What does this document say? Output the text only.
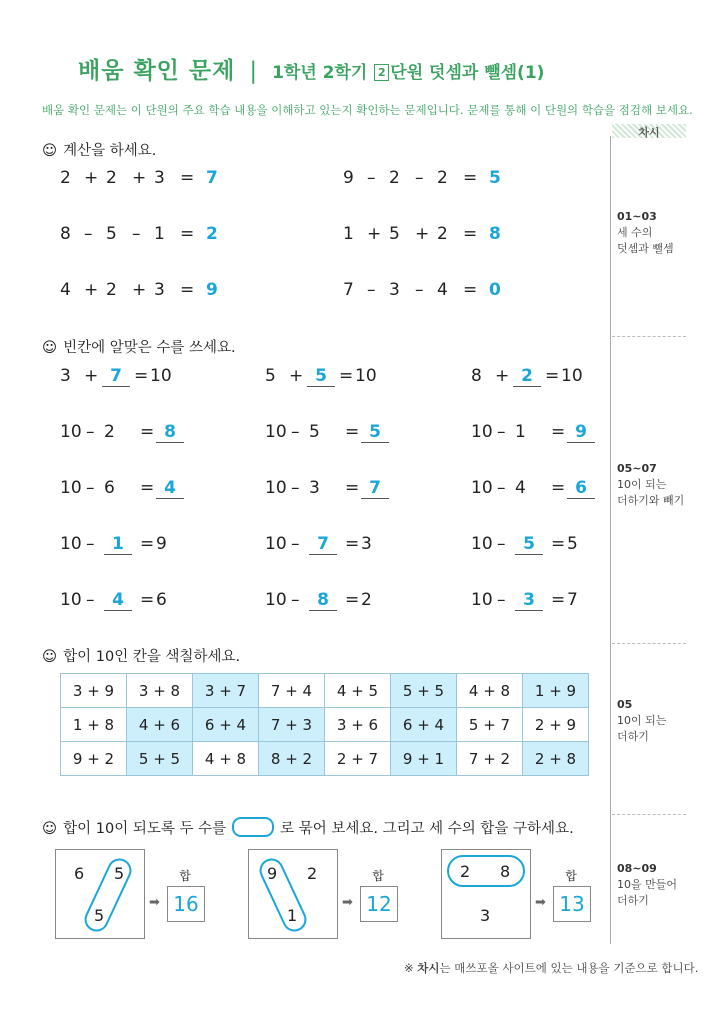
배움 확인 문제 | 1학년 2학기 2 단원 덧셈과 뺄셈(1)
배움 확인 문제는 이 단원의 주요 학습 내용을 이해하고 있는지 확인하는 문제입니다. 문제를 통해 이 단원의 학습을 점검해 보세요.
차시
01~03
세 수의
덧셈과 뺄셈
05~07
10이 되는
더하기와 빼기
05
10이 되는
더하기
08~09
10을 만들어
더하기
☺ 계산을 하세요.
2 + 2 + 3 = 7	9 – 2 – 2 = 5
8 – 5 – 1 = 2	1 + 5 + 2 = 8
4 + 2 + 3 = 9	7 – 3 – 4 = 0
☺ 빈칸에 알맞은 수를 쓰세요.
3 + 7 = 10	5 + 5 = 10	8 + 2 = 10
10 – 2 = 8	10 – 5 = 5	10 – 1 = 9
10 – 6 = 4	10 – 3 = 7	10 – 4 = 6
10 –	1 = 9	10 –	7 = 3	10 –	5 = 5
10 –	4 = 6	10 –	8 = 2	10 –	3 = 7
☺ 합이 10인 칸을 색칠하세요.
3 + 9	3 + 8	3 + 7	7 + 4	4 + 5	5 + 5	4 + 8	1 + 9
1 + 8	4 + 6	6 + 4	7 + 3	3 + 6	6 + 4	5 + 7	2 + 9
9 + 2	5 + 5	4 + 8	8 + 2	2 + 7	9 + 1	7 + 2	2 + 8
☺ 합이 10이 되도록 두 수를	로 묶어 보세요. 그리고 세 수의 합을 구하세요.
6 5
5
➡
합
16
9 2
1
➡
합
12
2 8
3
➡
합
13
※ 차시는 매쓰포올 사이트에 있는 내용을 기준으로 합니다.
